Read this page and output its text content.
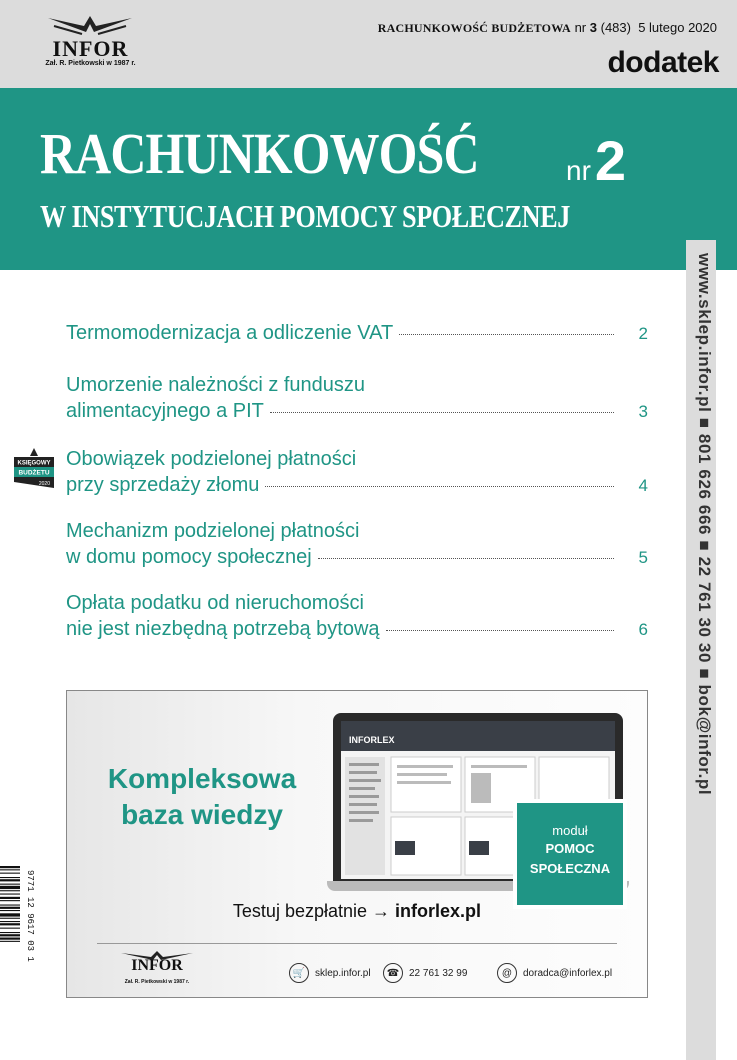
INFOR
Zał. R. Pietkowski w 1987 r.
RACHUNKOWOŚĆ BUDŻETOWA nr 3 (483) 5 lutego 2020
dodatek
RACHUNKOWOŚĆ
W INSTYTUCJACH POMOCY SPOŁECZNEJ
nr2
www.sklep.infor.pl ■ 801 626 666 ■ 22 761 30 30 ■ bok@infor.pl
Termomodernizacja a odliczenie VAT	2
Umorzenie należności z funduszu
alimentacyjnego a PIT	3
Obowiązek podzielonej płatności
przy sprzedaży złomu	4
Mechanizm podzielonej płatności
w domu pomocy społecznej	5
Opłata podatku od nieruchomości
nie jest niezbędną potrzebą bytową	6
KSIĘGOWY
BUDŻETU
2020
Kompleksowa
baza wiedzy
INFORLEX
moduł
POMOC
SPOŁECZNA
Testuj bezpłatnie → inforlex.pl
INFOR
Zał. R. Pietkowski w 1987 r.
🛒 sklep.infor.pl	☎ 22 761 32 99	@	doradca@inforlex.pl
9771 12 9617 03 1
